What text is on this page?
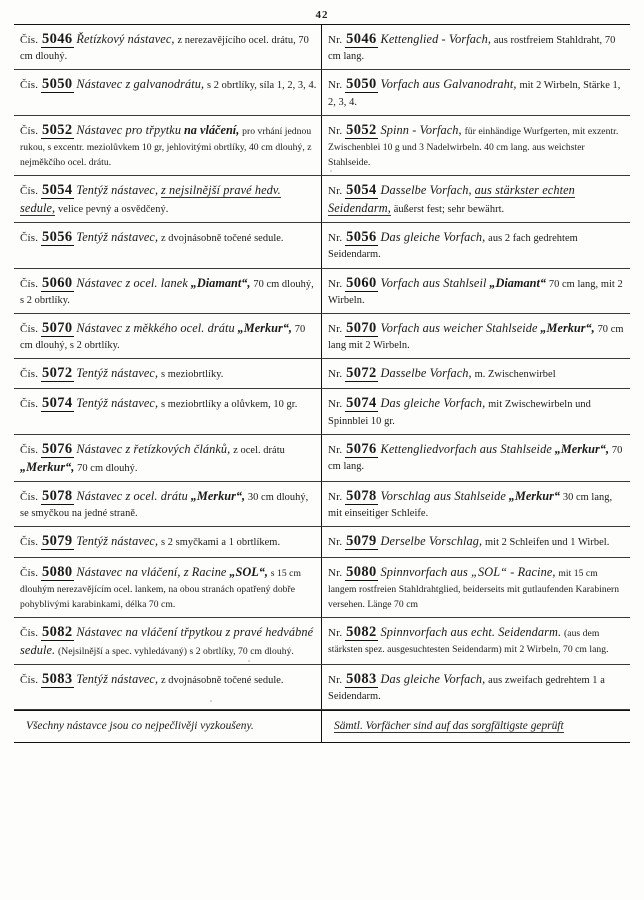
42
Čís. 5046 Řetízkový nástavec, z nerezavějícího ocel. drátu, 70 cm dlouhý.
Nr. 5046 Kettenglied - Vorfach, aus rostfreiem Stahldraht, 70 cm lang.
Čís. 5050 Nástavec z galvanodrátu, s 2 obrtlíky, síla 1, 2, 3, 4. Nr. 5050 Vorfach aus Galvanodraht, mit 2 Wirbeln, Stärke 1, 2, 3, 4.
Čís. 5052 Nástavec pro třpytku na vláčení, pro vrhání jednou rukou, s excentr. meziolůvkem 10 gr, jehlovitými obrtlíky, 40 cm dlouhý, z nejměkčího ocel. drátu.
Nr. 5052 Spinn - Vorfach, für einhändige Wurfgerten, mit exzentr. Zwischenblei 10 g und 3 Nadelwirbeln. 40 cm lang. aus weichster Stahlseide.
Čís. 5054 Tentýž nástavec, z nejsilnější pravé hedv. sedule, velice pevný a osvědčený.
Nr. 5054 Dasselbe Vorfach, aus stärkster echten Seidendarm, äußerst fest; sehr bewährt.
Čís. 5056 Tentýž nástavec, z dvojnásobně točené sedule.	Nr. 5056 Das gleiche Vorfach, aus 2 fach gedrehtem Seidendarm.
Čís. 5060 Nástavec z ocel. lanek „Diamant“, 70 cm dlouhý, s 2 obrtlíky.
Nr. 5060 Vorfach aus Stahlseil „Diamant“ 70 cm lang, mit 2 Wirbeln.
Čís. 5070 Nástavec z měkkého ocel. drátu „Merkur“, 70 cm dlouhý, s 2 obrtlíky.
Nr. 5070 Vorfach aus weicher Stahlseide „Merkur“, 70 cm lang mit 2 Wirbeln.
Čís. 5072 Tentýž nástavec, s meziobrtlíky.	Nr. 5072 Dasselbe Vorfach, m. Zwischenwirbel
Čís. 5074 Tentýž nástavec, s meziobrtlíky a olůvkem, 10 gr.	Nr. 5074 Das gleiche Vorfach, mit Zwischewirbeln und Spinnblei 10 gr.
Čís. 5076 Nástavec z řetízkových článků, z ocel. drátu „Merkur“, 70 cm dlouhý.
Nr. 5076 Kettengliedvorfach aus Stahlseide „Merkur“, 70 cm lang.
Čís. 5078 Nástavec z ocel. drátu „Merkur“, 30 cm dlouhý, se smyčkou na jedné straně.
Nr. 5078 Vorschlag aus Stahlseide „Merkur“ 30 cm lang, mit einseitiger Schleife.
Čís. 5079 Tentýž nástavec, s 2 smyčkami a 1 obrtlíkem.	Nr. 5079 Derselbe Vorschlag, mit 2 Schleifen und 1 Wirbel.
Čís. 5080 Nástavec na vláčení, z Racine „SOL“, s 15 cm dlouhým nerezavějícím ocel. lankem, na obou stranách opatřený dobře pohyblivými karabinkami, délka 70 cm.
Nr. 5080 Spinnvorfach aus „SOL“ - Racine, mit 15 cm langem rostfreien Stahldrahtglied, beiderseits mit gutlaufenden Karabinern versehen. Länge 70 cm
Čís. 5082 Nástavec na vláčení třpytkou z pravé hedvábné sedule. (Nejsilnější a spec. vyhledávaný) s 2 obrtlíky, 70 cm dlouhý.
Nr. 5082 Spinnvorfach aus echt. Seidendarm. (aus dem stärksten spez. ausgesuchtesten Seidendarm) mit 2 Wirbeln, 70 cm lang.
Čís. 5083 Tentýž nástavec, z dvojnásobně točené sedule.	Nr. 5083 Das gleiche Vorfach, aus zweifach gedrehtem 1 a Seidendarm.
Všechny nástavce jsou co nejpečlivěji vyzkoušeny.	Sämtl. Vorfächer sind auf das sorgfältigste geprüft
